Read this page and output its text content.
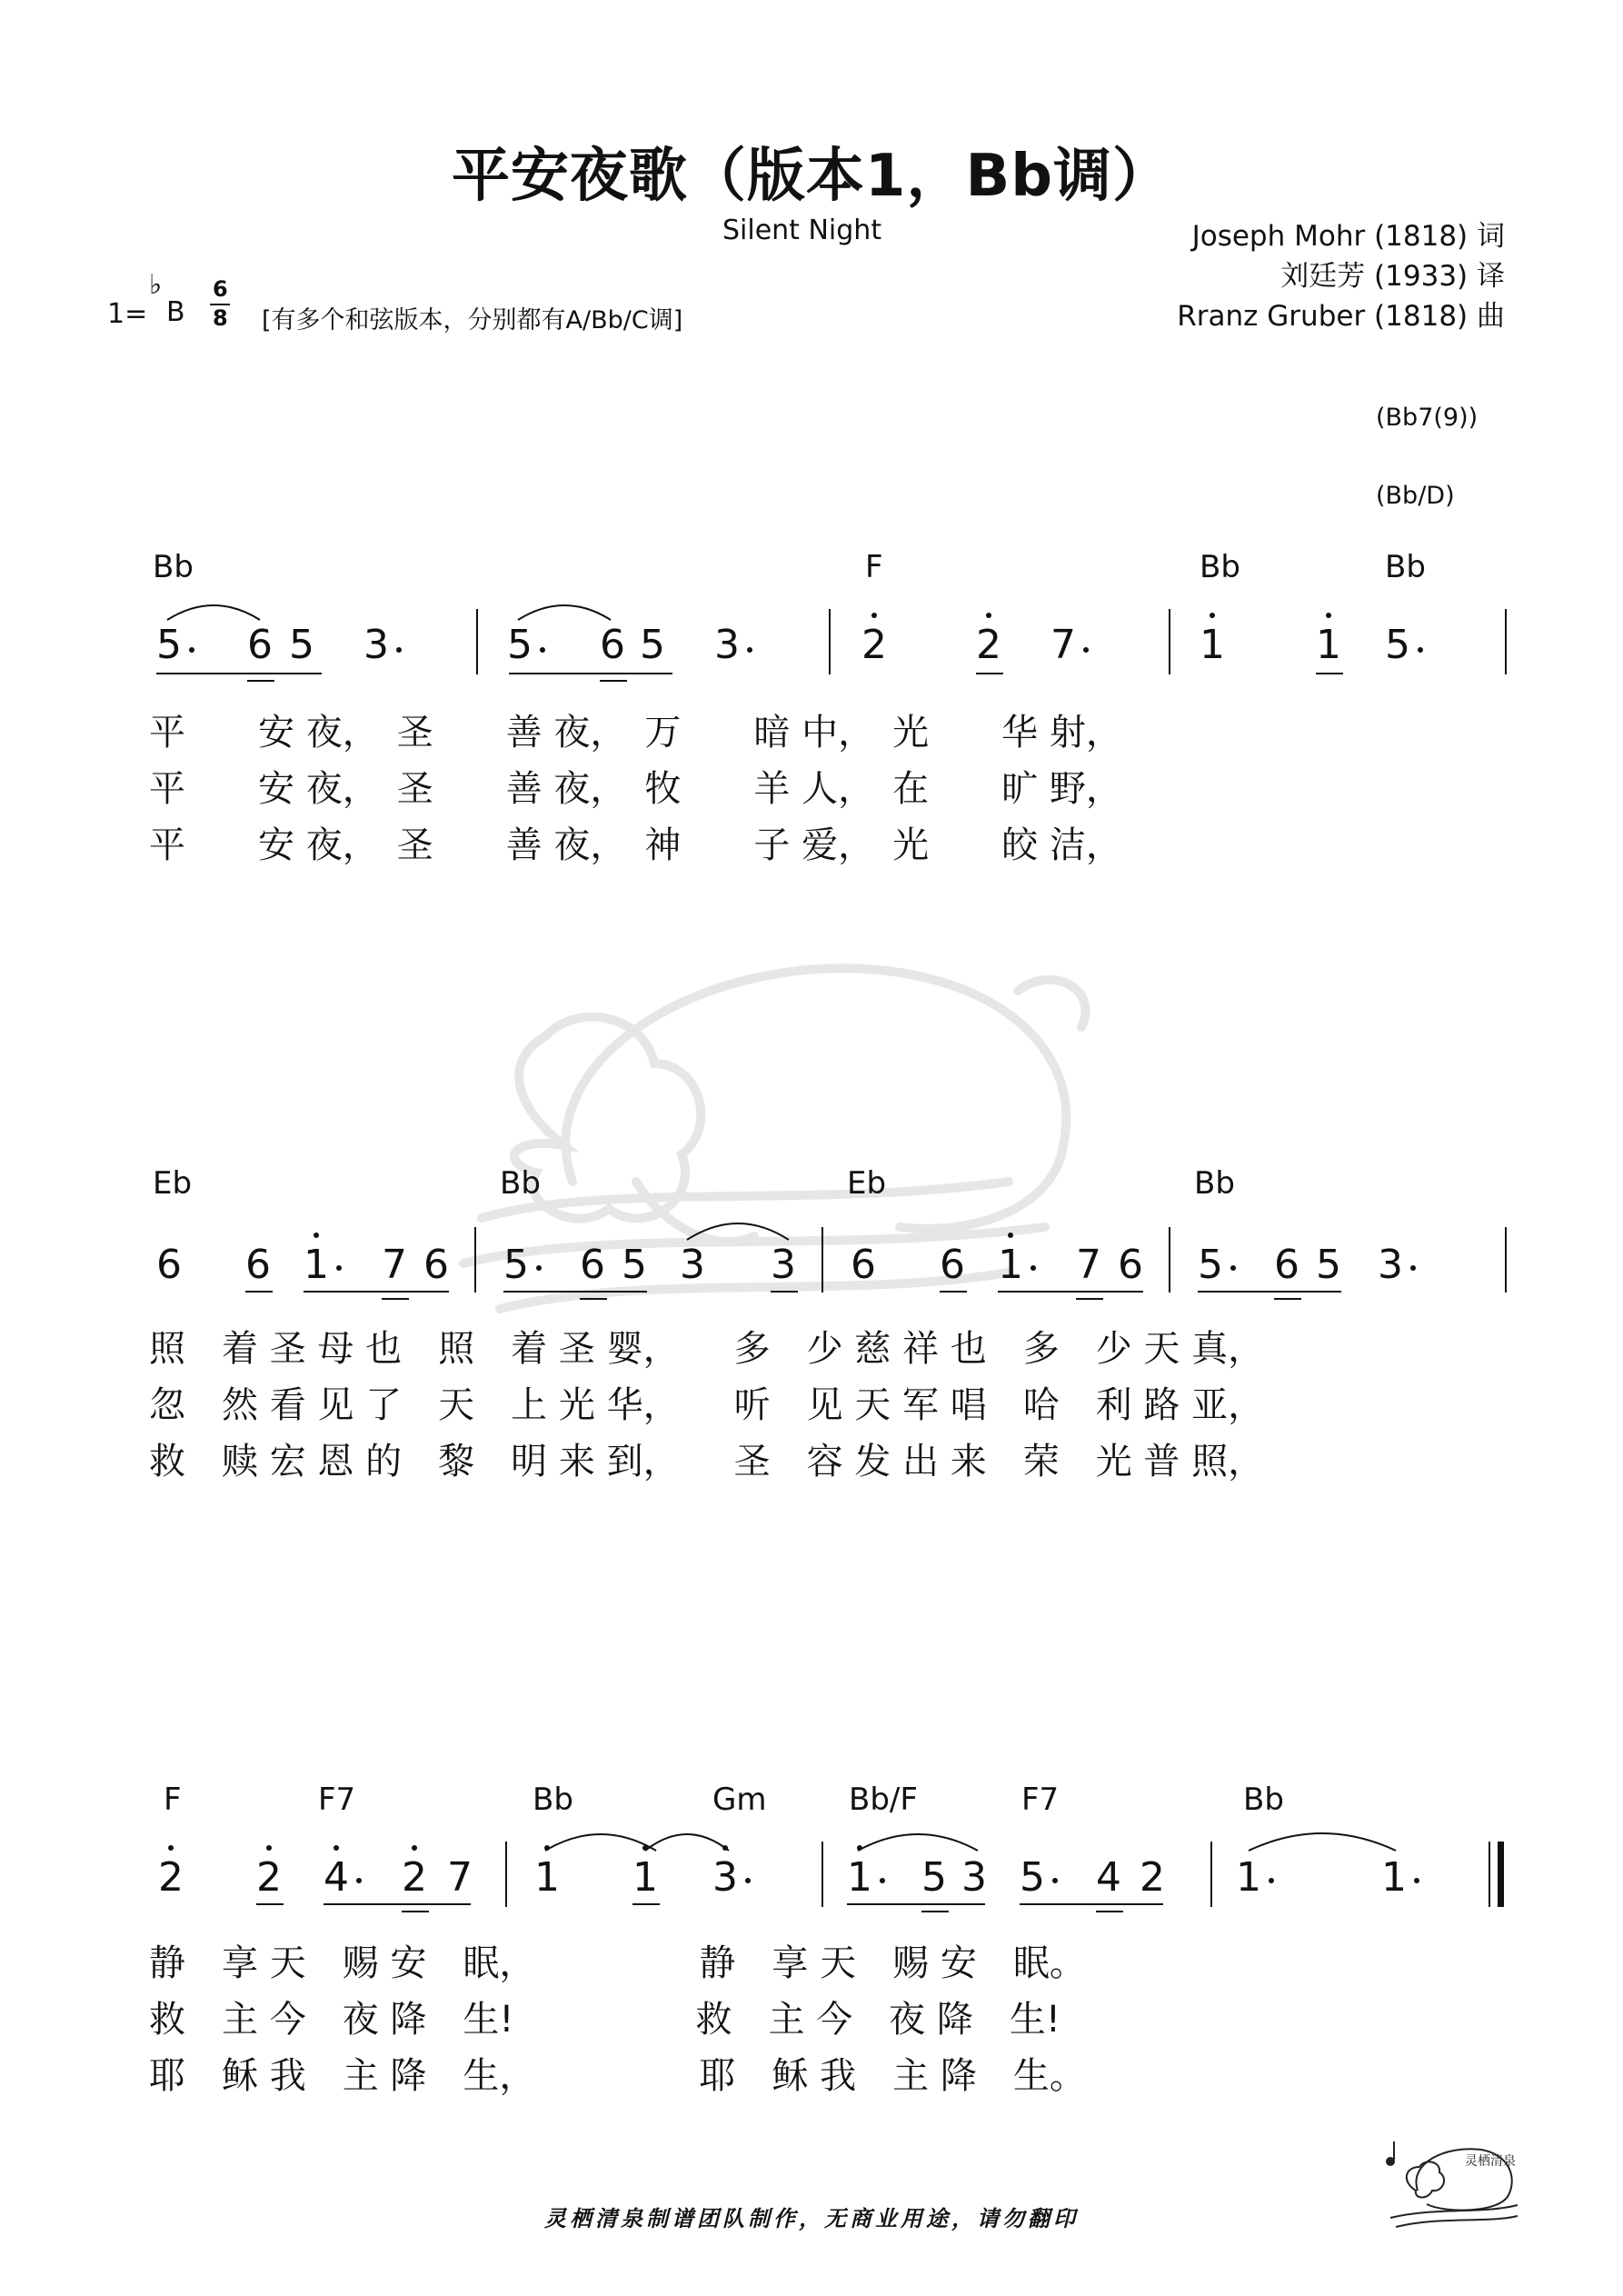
平安夜歌（版本1，Bb调）
Silent Night	Joseph Mohr (1818) 词
刘廷芳 (1933) 译
Rranz Gruber (1818) 曲
1=
♭
B
6
8 [有多个和弦版本，分别都有A/Bb/C调]
(Bb7(9))
(Bb/D)
Bb	F	Bb	Bb
5 6 5 3	5 6 5 3	2 2 7	1 1 5
平　　安 夜，　圣　　善 夜，　万　　暗 中，　光　　华 射，
平　　安 夜，　圣　　善 夜，　牧　　羊 人，　在　　旷 野，
平　　安 夜，　圣　　善 夜，　神　　子 爱，　光　　皎 洁，
Eb	Bb	Eb	Bb
6 6 1 7 6 5 6 5 3 3 6 6 1 7 6 5 6 5 3
照　着 圣 母 也　照　着 圣 婴，　　多　少 慈 祥 也　多　少 天 真，
忽　然 看 见 了　天　上 光 华，　　听　见 天 军 唱　哈　利 路 亚，
救　赎 宏 恩 的　黎　明 来 到，　　圣　容 发 出 来　荣　光 普 照，
F	F7	Bb	Gm	Bb/F	F7	Bb
2 2 4 2 7 1 1 3	1 5 3 5 4 2 1	1
静　享 天　赐 安　眠，　　　　　静　享 天　赐 安　眠。
救　主 今　夜 降　生!　　　　　救　主 今　夜 降　生!
耶　稣 我　主 降　生，　　　　　耶　稣 我　主 降　生。
灵栖清泉制谱团队制作，无商业用途，请勿翻印
灵栖清泉
